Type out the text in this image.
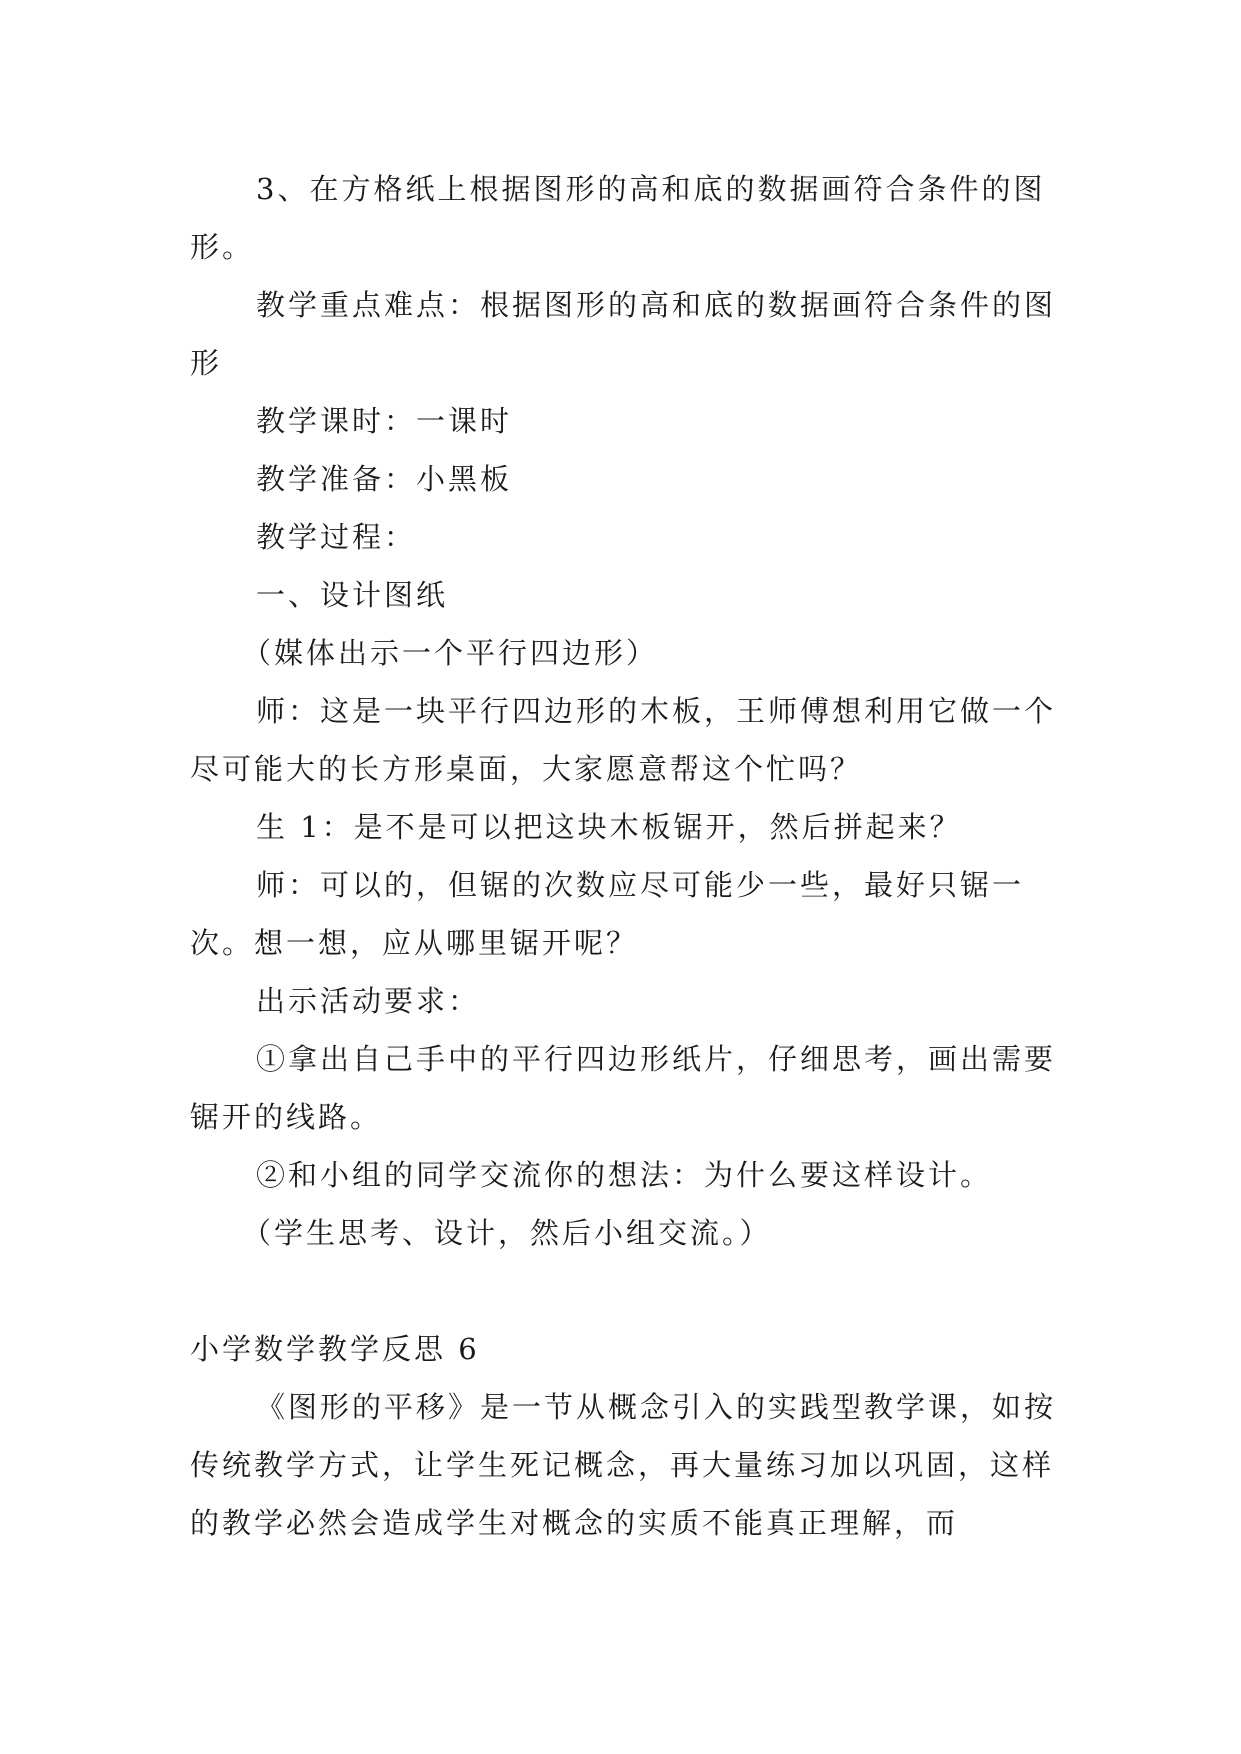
3、在方格纸上根据图形的高和底的数据画符合条件的图形。

教学重点难点：根据图形的高和底的数据画符合条件的图形

教学课时：一课时

教学准备：小黑板

教学过程：

一、设计图纸

（媒体出示一个平行四边形）

师：这是一块平行四边形的木板，王师傅想利用它做一个尽可能大的长方形桌面，大家愿意帮这个忙吗？

生 1：是不是可以把这块木板锯开，然后拼起来？

师：可以的，但锯的次数应尽可能少一些，最好只锯一次。想一想，应从哪里锯开呢？

出示活动要求：

①拿出自己手中的平行四边形纸片，仔细思考，画出需要锯开的线路。

②和小组的同学交流你的想法：为什么要这样设计。

（学生思考、设计，然后小组交流。）

小学数学教学反思 6

《图形的平移》是一节从概念引入的实践型教学课，如按传统教学方式，让学生死记概念，再大量练习加以巩固，这样的教学必然会造成学生对概念的实质不能真正理解，而
